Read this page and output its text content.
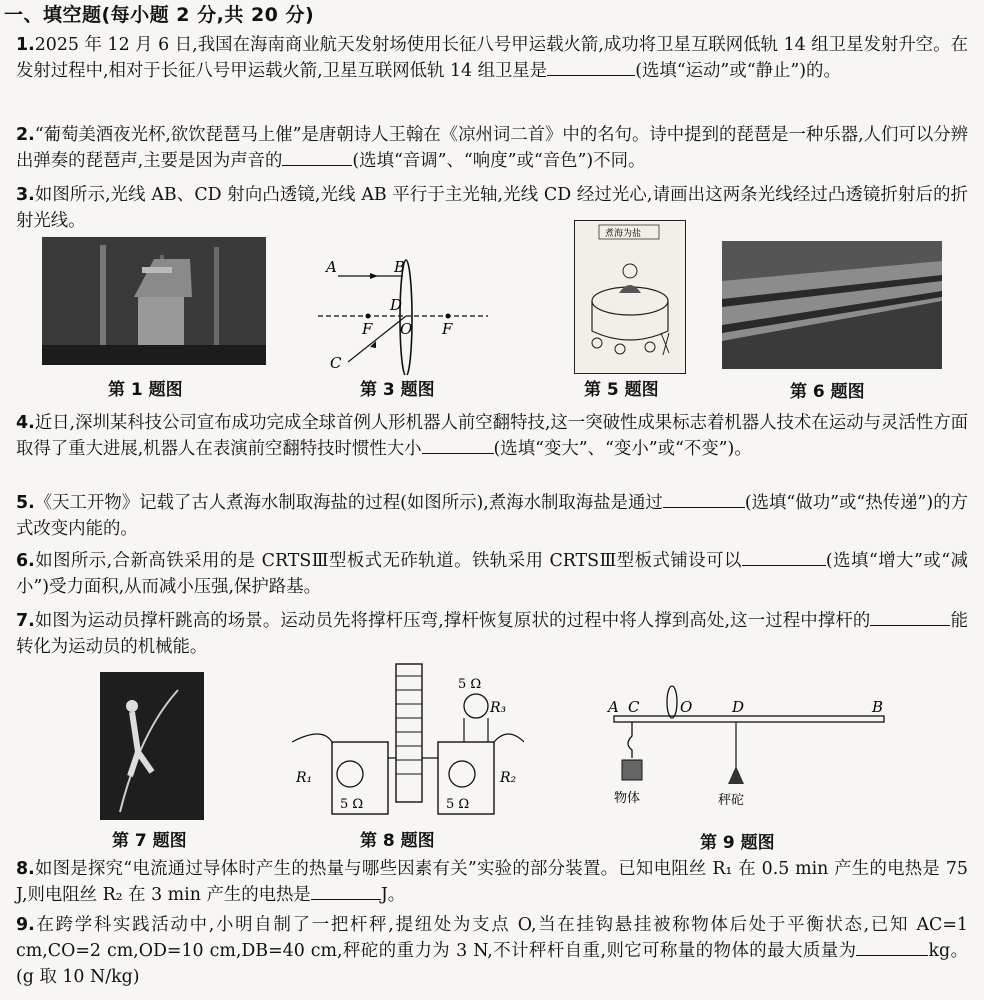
一、填空题(每小题 2 分,共 20 分)
1.2025 年 12 月 6 日,我国在海南商业航天发射场使用长征八号甲运载火箭,成功将卫星互联网低轨 14 组卫星发射升空。在发射过程中,相对于长征八号甲运载火箭,卫星互联网低轨 14 组卫星是	(选填“运动”或“静止”)的。
2.“葡萄美酒夜光杯,欲饮琵琶马上催”是唐朝诗人王翰在《凉州词二首》中的名句。诗中提到的琵琶是一种乐器,人们可以分辨出弹奏的琵琶声,主要是因为声音的	(选填“音调”、“响度”或“音色”)不同。
3.如图所示,光线 AB、CD 射向凸透镜,光线 AB 平行于主光轴,光线 CD 经过光心,请画出这两条光线经过凸透镜折射后的折射光线。
第 1 题图
A	B
C
D
O
F	F
第 3 题图
煮海为盐
第 5 题图	第 6 题图
4.近日,深圳某科技公司宣布成功完成全球首例人形机器人前空翻特技,这一突破性成果标志着机器人技术在运动与灵活性方面取得了重大进展,机器人在表演前空翻特技时惯性大小	(选填“变大”、“变小”或“不变”)。
5.《天工开物》记载了古人煮海水制取海盐的过程(如图所示),煮海水制取海盐是通过	(选填“做功”或“热传递”)的方式改变内能的。
6.如图所示,合新高铁采用的是 CRTSⅢ型板式无砟轨道。铁轨采用 CRTSⅢ型板式铺设可以	(选填“增大”或“减小”)受力面积,从而减小压强,保护路基。
7.如图为运动员撑杆跳高的场景。运动员先将撑杆压弯,撑杆恢复原状的过程中将人撑到高处,这一过程中撑杆的	能转化为运动员的机械能。
第 7 题图
R₁	R₂
R₃
5 Ω	5 Ω
5 Ω
第 8 题图
A C	O	D	B
物体	秤砣
第 9 题图
8.如图是探究“电流通过导体时产生的热量与哪些因素有关”实验的部分装置。已知电阻丝 R₁ 在 0.5 min 产生的电热是 75 J,则电阻丝 R₂ 在 3 min 产生的电热是	J。
9.在跨学科实践活动中,小明自制了一把杆秤,提纽处为支点 O,当在挂钩悬挂被称物体后处于平衡状态,已知 AC=1 cm,CO=2 cm,OD=10 cm,DB=40 cm,秤砣的重力为 3 N,不计秤杆自重,则它可称量的物体的最大质量为	kg。(g 取 10 N/kg)
